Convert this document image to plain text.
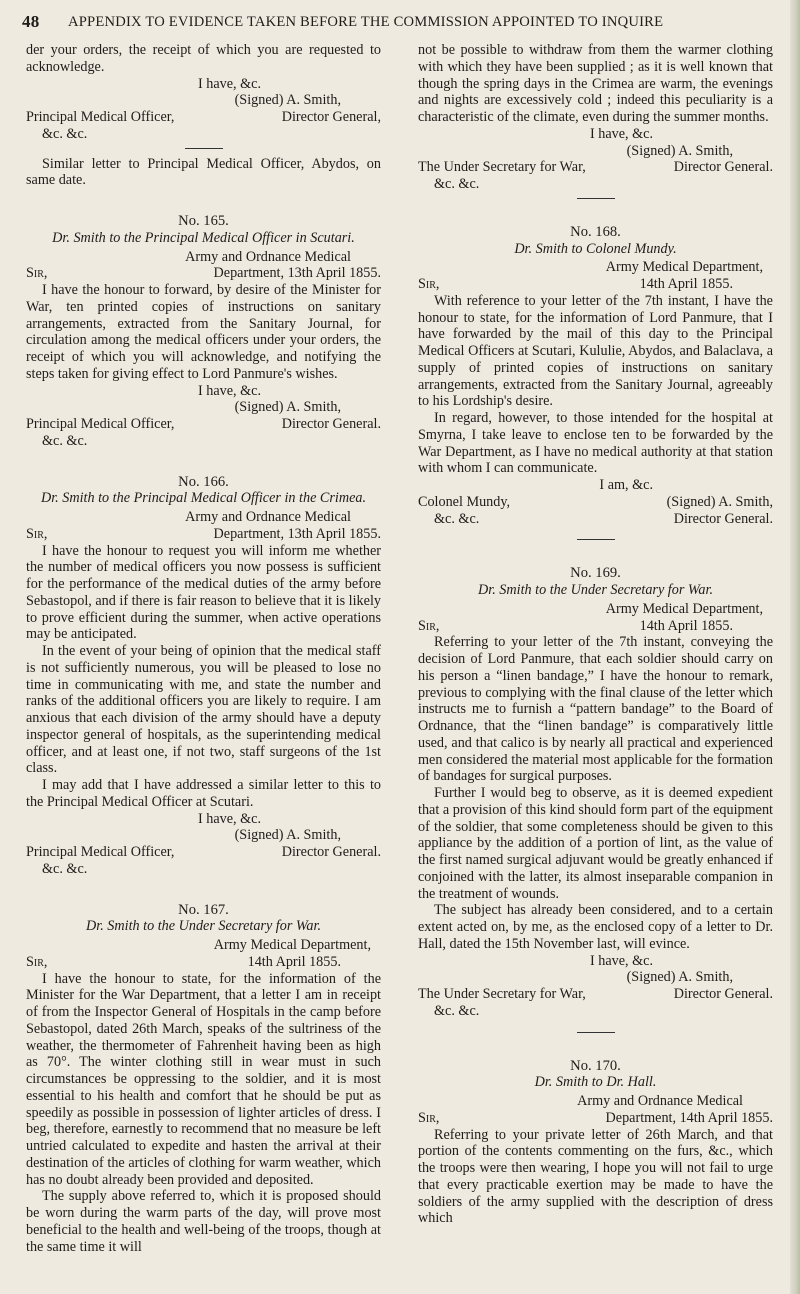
48 APPENDIX TO EVIDENCE TAKEN BEFORE THE COMMISSION APPOINTED TO INQUIRE

der your orders, the receipt of which you are requested to acknowledge.

I have, &c.

(Signed) A. Smith,

Principal Medical Officer,	Director General,

&c. &c.

Similar letter to Principal Medical Officer, Abydos, on same date.

No. 165.

Dr. Smith to the Principal Medical Officer in Scutari.

Army and Ordnance Medical

Sir,	Department, 13th April 1855.

I have the honour to forward, by desire of the Minister for War, ten printed copies of instructions on sanitary arrangements, extracted from the Sanitary Journal, for circulation among the medical officers under your orders, the receipt of which you will acknowledge, and notifying the steps taken for giving effect to Lord Panmure's wishes.

I have, &c.

(Signed) A. Smith,

Principal Medical Officer,	Director General.

&c. &c.

No. 166.

Dr. Smith to the Principal Medical Officer in the Crimea.

Army and Ordnance Medical

Sir,	Department, 13th April 1855.

I have the honour to request you will inform me whether the number of medical officers you now possess is sufficient for the performance of the medical duties of the army before Sebastopol, and if there is fair reason to believe that it is likely to prove efficient during the summer, when active operations may be anticipated.

In the event of your being of opinion that the medical staff is not sufficiently numerous, you will be pleased to lose no time in communicating with me, and state the number and ranks of the additional officers you are likely to require. I am anxious that each division of the army should have a deputy inspector general of hospitals, as the superintending medical officer, and at least one, if not two, staff surgeons of the 1st class.

I may add that I have addressed a similar letter to this to the Principal Medical Officer at Scutari.

I have, &c.

(Signed) A. Smith,

Principal Medical Officer,	Director General.

&c. &c.

No. 167.

Dr. Smith to the Under Secretary for War.

Army Medical Department,

Sir,	14th April 1855.

I have the honour to state, for the information of the Minister for the War Department, that a letter I am in receipt of from the Inspector General of Hospitals in the camp before Sebastopol, dated 26th March, speaks of the sultriness of the weather, the thermometer of Fahrenheit having been as high as 70°. The winter clothing still in wear must in such circumstances be oppressing to the soldier, and it is most essential to his health and comfort that he should be put as speedily as possible in possession of lighter articles of dress. I beg, therefore, earnestly to recommend that no measure be left untried calculated to expedite and hasten the arrival at their destination of the articles of clothing for warm weather, which has no doubt already been provided and deposited.

The supply above referred to, which it is proposed should be worn during the warm parts of the day, will prove most beneficial to the health and well-being of the troops, though at the same time it will

not be possible to withdraw from them the warmer clothing with which they have been supplied ; as it is well known that though the spring days in the Crimea are warm, the evenings and nights are excessively cold ; indeed this peculiarity is a characteristic of the climate, even during the summer months.

I have, &c.

(Signed) A. Smith,

The Under Secretary for War,	Director General.

&c. &c.

No. 168.

Dr. Smith to Colonel Mundy.

Army Medical Department,

Sir,	14th April 1855.

With reference to your letter of the 7th instant, I have the honour to state, for the information of Lord Panmure, that I have forwarded by the mail of this day to the Principal Medical Officers at Scutari, Kululie, Abydos, and Balaclava, a supply of printed copies of instructions on sanitary arrangements, extracted from the Sanitary Journal, agreeably to his Lordship's desire.

In regard, however, to those intended for the hospital at Smyrna, I take leave to enclose ten to be forwarded by the War Department, as I have no medical authority at that station with whom I can communicate.

I am, &c.

Colonel Mundy,	(Signed) A. Smith,
&c. &c.	Director General.

No. 169.

Dr. Smith to the Under Secretary for War.

Army Medical Department,

Sir,	14th April 1855.

Referring to your letter of the 7th instant, conveying the decision of Lord Panmure, that each soldier should carry on his person a “linen bandage,” I have the honour to remark, previous to complying with the final clause of the letter which instructs me to furnish a “pattern bandage” to the Board of Ordnance, that the “linen bandage” is comparatively little used, and that calico is by nearly all practical and experienced men considered the material most applicable for the formation of bandages for surgical purposes.

Further I would beg to observe, as it is deemed expedient that a provision of this kind should form part of the equipment of the soldier, that some completeness should be given to this appliance by the addition of a portion of lint, as the value of the first named surgical adjuvant would be greatly enhanced if conjoined with the latter, its almost inseparable companion in the treatment of wounds.

The subject has already been considered, and to a certain extent acted on, by me, as the enclosed copy of a letter to Dr. Hall, dated the 15th November last, will evince.

I have, &c.

(Signed) A. Smith,

The Under Secretary for War,	Director General.

&c. &c.

No. 170.

Dr. Smith to Dr. Hall.

Army and Ordnance Medical

Sir,	Department, 14th April 1855.

Referring to your private letter of 26th March, and that portion of the contents commenting on the furs, &c., which the troops were then wearing, I hope you will not fail to urge that every practicable exertion may be made to have the soldiers of the army supplied with the description of dress which
